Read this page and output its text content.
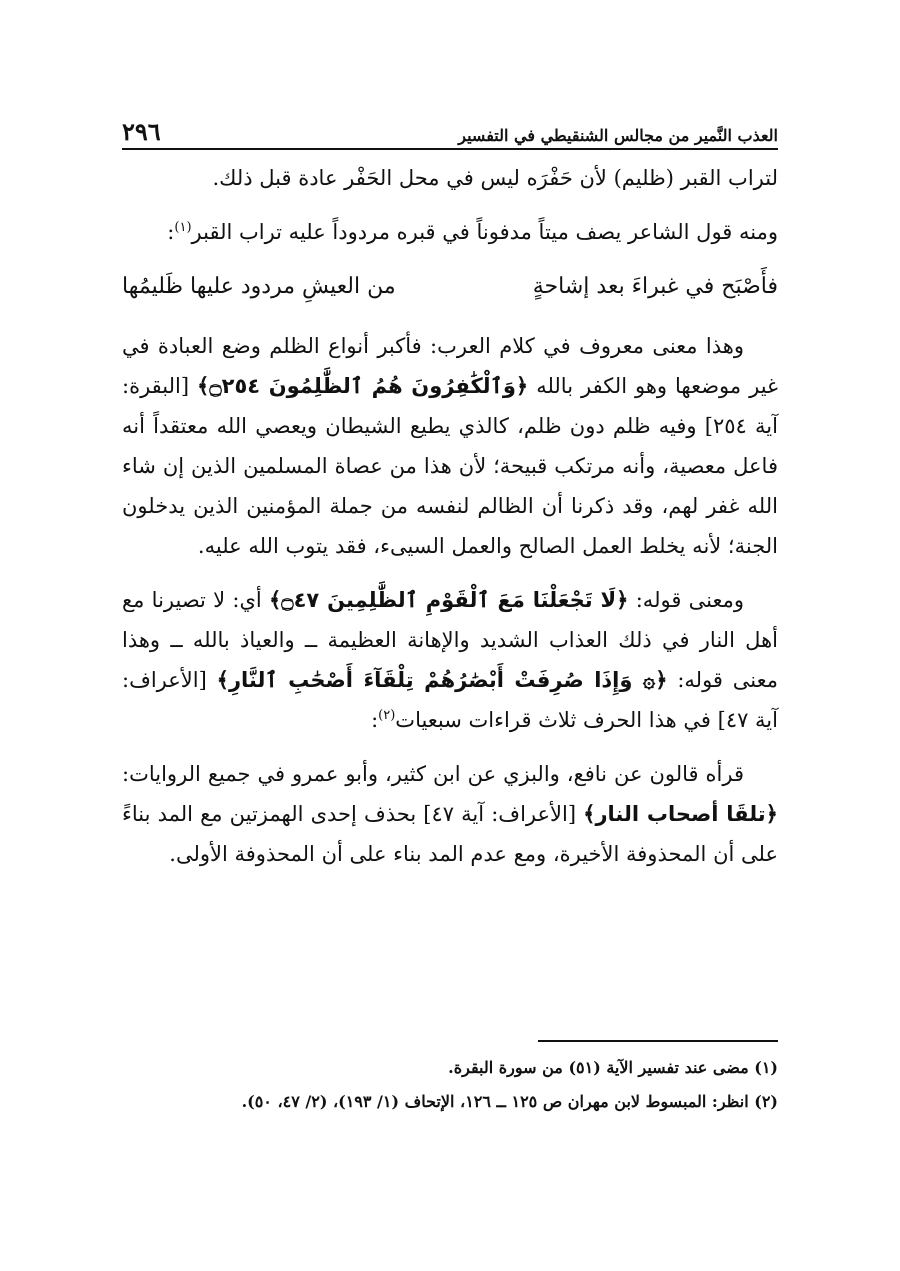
العذب النَّمير من مجالس الشنقيطي في التفسير
٢٩٦

لتراب القبر (ظليم) لأن حَفْرَه ليس في محل الحَفْر عادة قبل ذلك.

ومنه قول الشاعر يصف ميتاً مدفوناً في قبره مردوداً عليه تراب القبر$^{(١)}$:

فأَصْبَح في غبراءَ بعد إشاحةٍ
من العيشِ مردود عليها ظَليمُها

وهذا معنى معروف في كلام العرب: فأكبر أنواع الظلم وضع العبادة في غير موضعها وهو الكفر بالله ﴿وَٱلْكَٰفِرُونَ هُمُ ٱلظَّٰلِمُونَ ۝٢٥٤﴾ [البقرة: آية ٢٥٤] وفيه ظلم دون ظلم، كالذي يطيع الشيطان ويعصي الله معتقداً أنه فاعل معصية، وأنه مرتكب قبيحة؛ لأن هذا من عصاة المسلمين الذين إن شاء الله غفر لهم، وقد ذكرنا أن الظالم لنفسه من جملة المؤمنين الذين يدخلون الجنة؛ لأنه يخلط العمل الصالح والعمل السيىء، فقد يتوب الله عليه.

ومعنى قوله: ﴿لَا تَجْعَلْنَا مَعَ ٱلْقَوْمِ ٱلظَّٰلِمِينَ ۝٤٧﴾ أي: لا تصيرنا مع أهل النار في ذلك العذاب الشديد والإهانة العظيمة ــ والعياذ بالله ــ وهذا معنى قوله: ﴿۞ وَإِذَا صُرِفَتْ أَبْصَٰرُهُمْ تِلْقَآءَ أَصْحَٰبِ ٱلنَّارِ﴾ [الأعراف: آية ٤٧] في هذا الحرف ثلاث قراءات سبعيات$^{(٢)}$:

قرأه قالون عن نافع، والبزي عن ابن كثير، وأبو عمرو في جميع الروايات: ﴿تلقَا أصحاب النار﴾ [الأعراف: آية ٤٧] بحذف إحدى الهمزتين مع المد بناءً على أن المحذوفة الأخيرة، ومع عدم المد بناء على أن المحذوفة الأولى.

(١) مضى عند تفسير الآية (٥١) من سورة البقرة.

(٢) انظر: المبسوط لابن مهران ص ١٢٥ ــ ١٢٦، الإتحاف (١/ ١٩٣)، (٢/ ٤٧، ٥٠).
